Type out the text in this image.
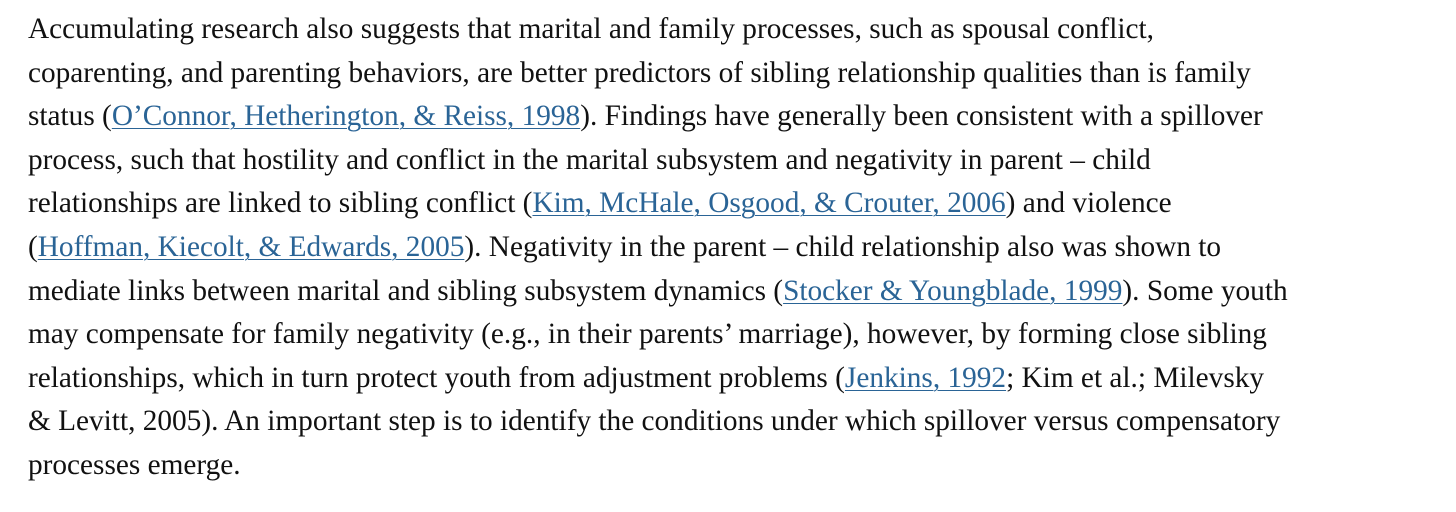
Accumulating research also suggests that marital and family processes, such as spousal conflict,
coparenting, and parenting behaviors, are better predictors of sibling relationship qualities than is family
status (O’Connor, Hetherington, & Reiss, 1998). Findings have generally been consistent with a spillover
process, such that hostility and conflict in the marital subsystem and negativity in parent – child
relationships are linked to sibling conflict (Kim, McHale, Osgood, & Crouter, 2006) and violence
(Hoffman, Kiecolt, & Edwards, 2005). Negativity in the parent – child relationship also was shown to
mediate links between marital and sibling subsystem dynamics (Stocker & Youngblade, 1999). Some youth
may compensate for family negativity (e.g., in their parents’ marriage), however, by forming close sibling
relationships, which in turn protect youth from adjustment problems (Jenkins, 1992; Kim et al.; Milevsky
& Levitt, 2005). An important step is to identify the conditions under which spillover versus compensatory
processes emerge.
